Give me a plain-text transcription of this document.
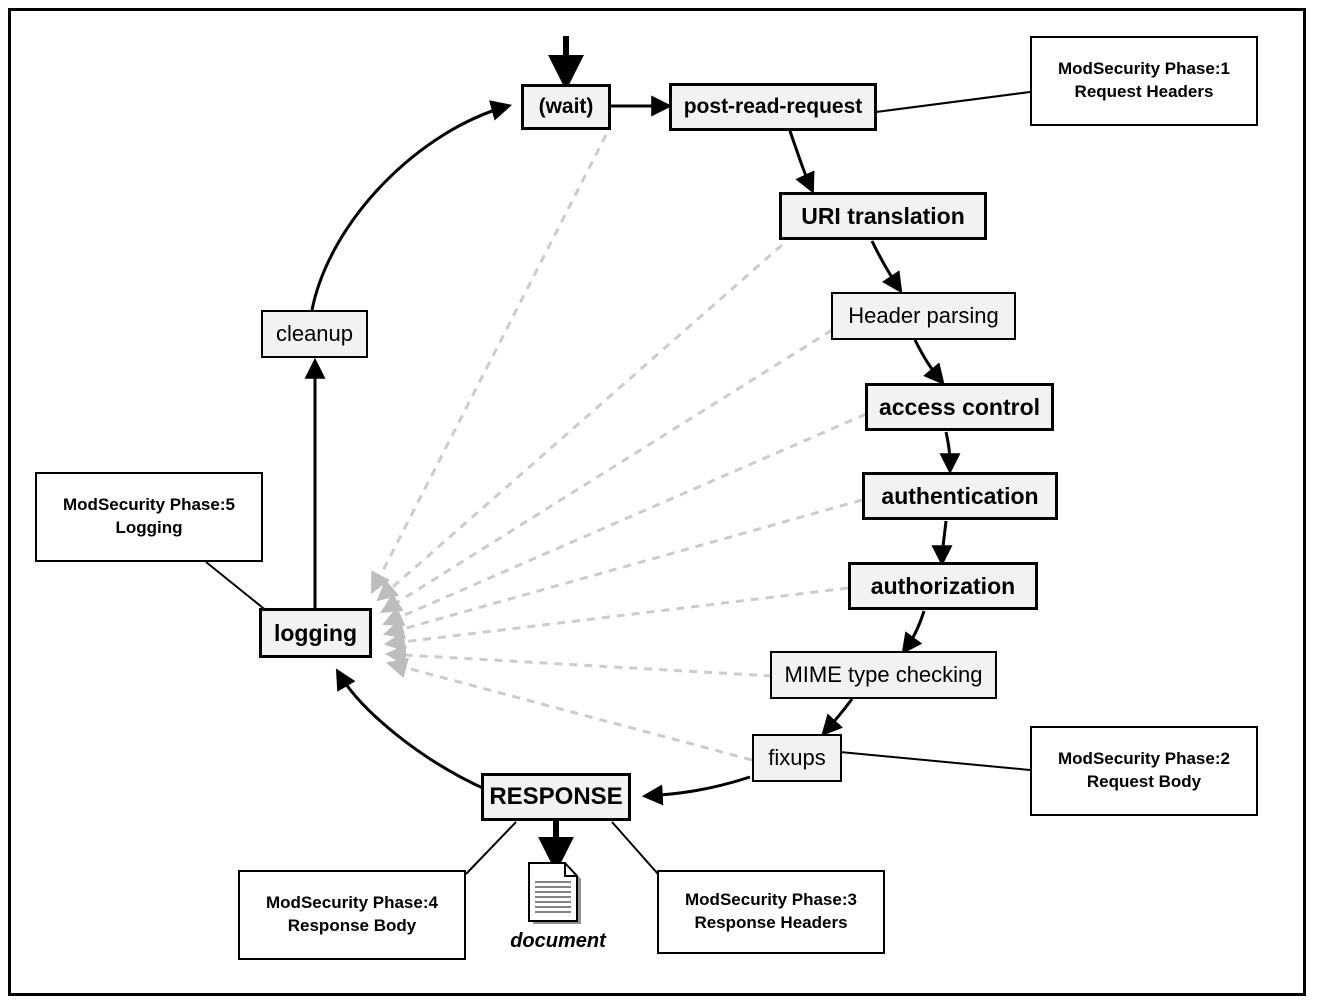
(wait)	post-read-request
URI translation
Header parsing
access control
authentication
authorization
MIME type checking
fixups
RESPONSE
logging
cleanup
document
ModSecurity Phase:1
Request Headers
ModSecurity Phase:5
Logging
ModSecurity Phase:2
Request Body
ModSecurity Phase:4
Response Body
ModSecurity Phase:3
Response Headers
